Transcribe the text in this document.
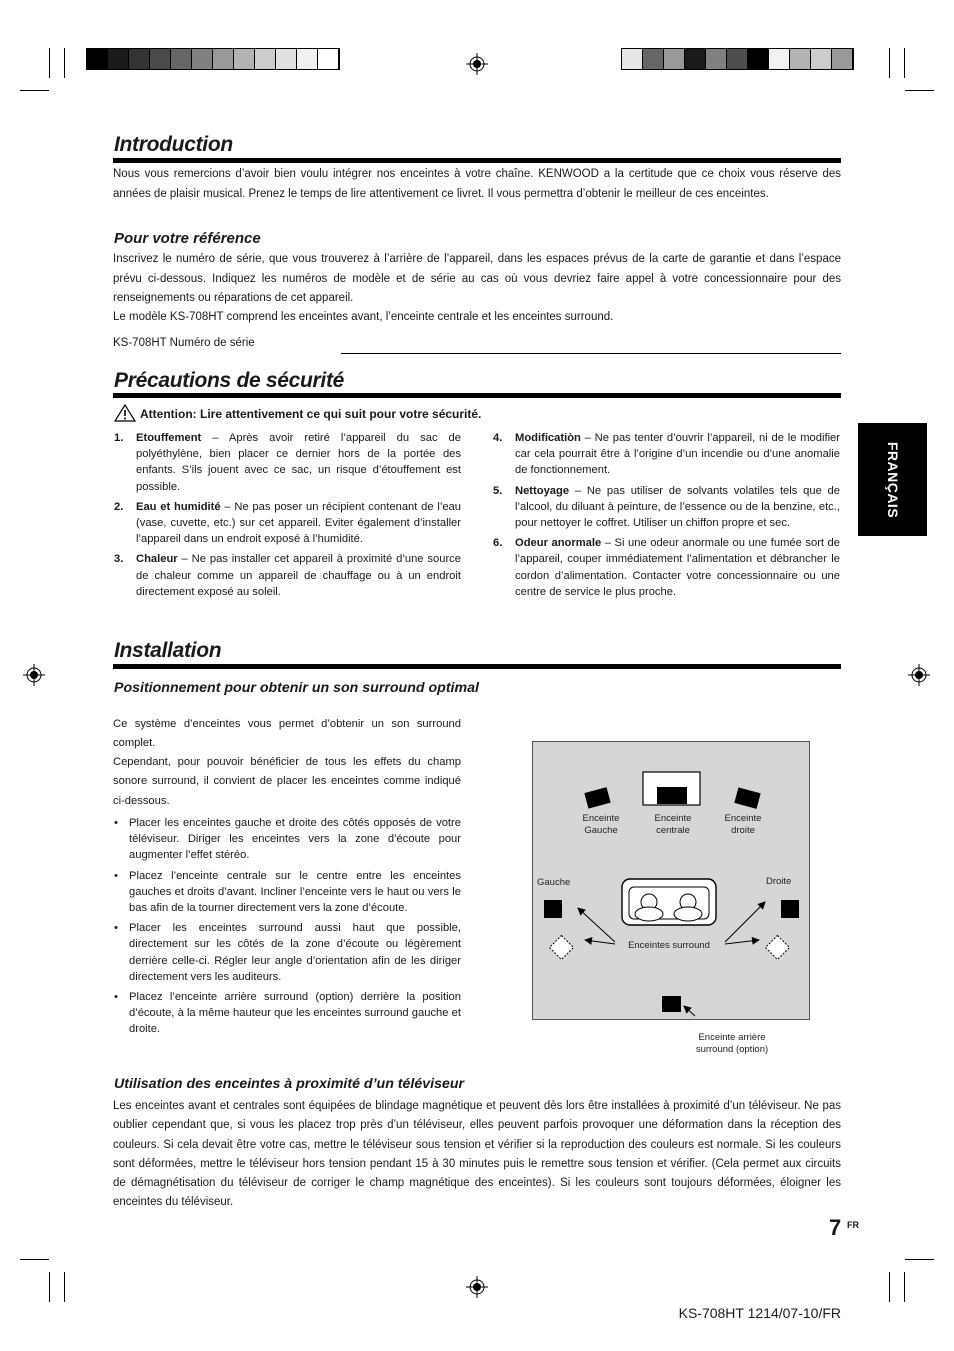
Introduction

Nous vous remercions d’avoir bien voulu intégrer nos enceintes à votre chaîne. KENWOOD a la certitude que ce choix vous réserve des années de plaisir musical. Prenez le temps de lire attentivement ce livret. Il vous permettra d’obtenir le meilleur de ces enceintes.

Pour votre référence

Inscrivez le numéro de série, que vous trouverez à l’arrière de l’appareil, dans les espaces prévus de la carte de garantie et dans l’espace prévu ci-dessous. Indiquez les numéros de modèle et de série au cas où vous devriez faire appel à votre concessionnaire pour des renseignements ou réparations de cet appareil.

Le modèle KS-708HT comprend les enceintes avant, l’enceinte centrale et les enceintes surround.

KS-708HT Numéro de série

Précautions de sécurité
Attention: Lire attentivement ce qui suit pour votre sécurité.
1. Etouffement – Après avoir retiré l’appareil du sac de polyéthylène, bien placer ce dernier hors de la portée des enfants. S’ils jouent avec ce sac, un risque d’étouffement est possible.
2. Eau et humidité – Ne pas poser un récipient contenant de l’eau (vase, cuvette, etc.) sur cet appareil. Eviter également d’installer l’appareil dans un endroit exposé à l’humidité.
3. Chaleur – Ne pas installer cet appareil à proximité d’une source de chaleur comme un appareil de chauffage ou à un endroit directement exposé au soleil.
4. Modificatiòn – Ne pas tenter d’ouvrir l’appareil, ni de le modifier car cela pourrait être à l’origine d’un incendie ou d’une anomalie de fonctionnement.
5. Nettoyage – Ne pas utiliser de solvants volatiles tels que de l’alcool, du diluant à peinture, de l’essence ou de la benzine, etc., pour nettoyer le coffret. Utiliser un chiffon propre et sec.
6. Odeur anormale – Si une odeur anormale ou une fumée sort de l’appareil, couper immédiatement l’alimentation et débrancher le cordon d’alimentation. Contacter votre concessionnaire ou une centre de service le plus proche.
FRANÇAIS
Installation
Positionnement pour obtenir un son surround optimal

Ce système d’enceintes vous permet d’obtenir un son surround complet.

Cependant, pour pouvoir bénéficier de tous les effets du champ sonore surround, il convient de placer les enceintes comme indiqué ci-dessous.

• Placer les enceintes gauche et droite des côtés opposés de votre téléviseur. Diriger les enceintes vers la zone d’écoute pour augmenter l’effet stéréo.
• Placez l’enceinte centrale sur le centre entre les enceintes gauches et droits d’avant. Incliner l’enceinte vers le haut ou vers le bas afin de la tourner directement vers la zone d’écoute.
• Placer les enceintes surround aussi haut que possible, directement sur les côtés de la zone d’écoute ou légèrement derrière celle-ci. Régler leur angle d’orientation afin de les diriger directement vers les auditeurs.
• Placez l’enceinte arrière surround (option) derrière la position d’écoute, à la même hauteur que les enceintes surround gauche et droite.
Enceinte
Gauche
Enceinte
centrale
Enceinte
droite
Gauche	Droite
Enceintes surround
Enceinte arrière
surround (option)
Utilisation des enceintes à proximité d’un téléviseur

Les enceintes avant et centrales sont équipées de blindage magnétique et peuvent dès lors être installées à proximité d’un téléviseur. Ne pas oublier cependant que, si vous les placez trop près d’un téléviseur, elles peuvent parfois provoquer une déformation dans la réception des couleurs. Si cela devait être votre cas, mettre le téléviseur sous tension et vérifier si la reproduction des couleurs est normale. Si les couleurs sont déformées, mettre le téléviseur hors tension pendant 15 à 30 minutes puis le remettre sous tension et vérifier. (Cela permet aux circuits de démagnétisation du téléviseur de corriger le champ magnétique des enceintes). Si les couleurs sont toujours déformées, éloigner les enceintes du téléviseur.

7 FR
KS-708HT 1214/07-10/FR
